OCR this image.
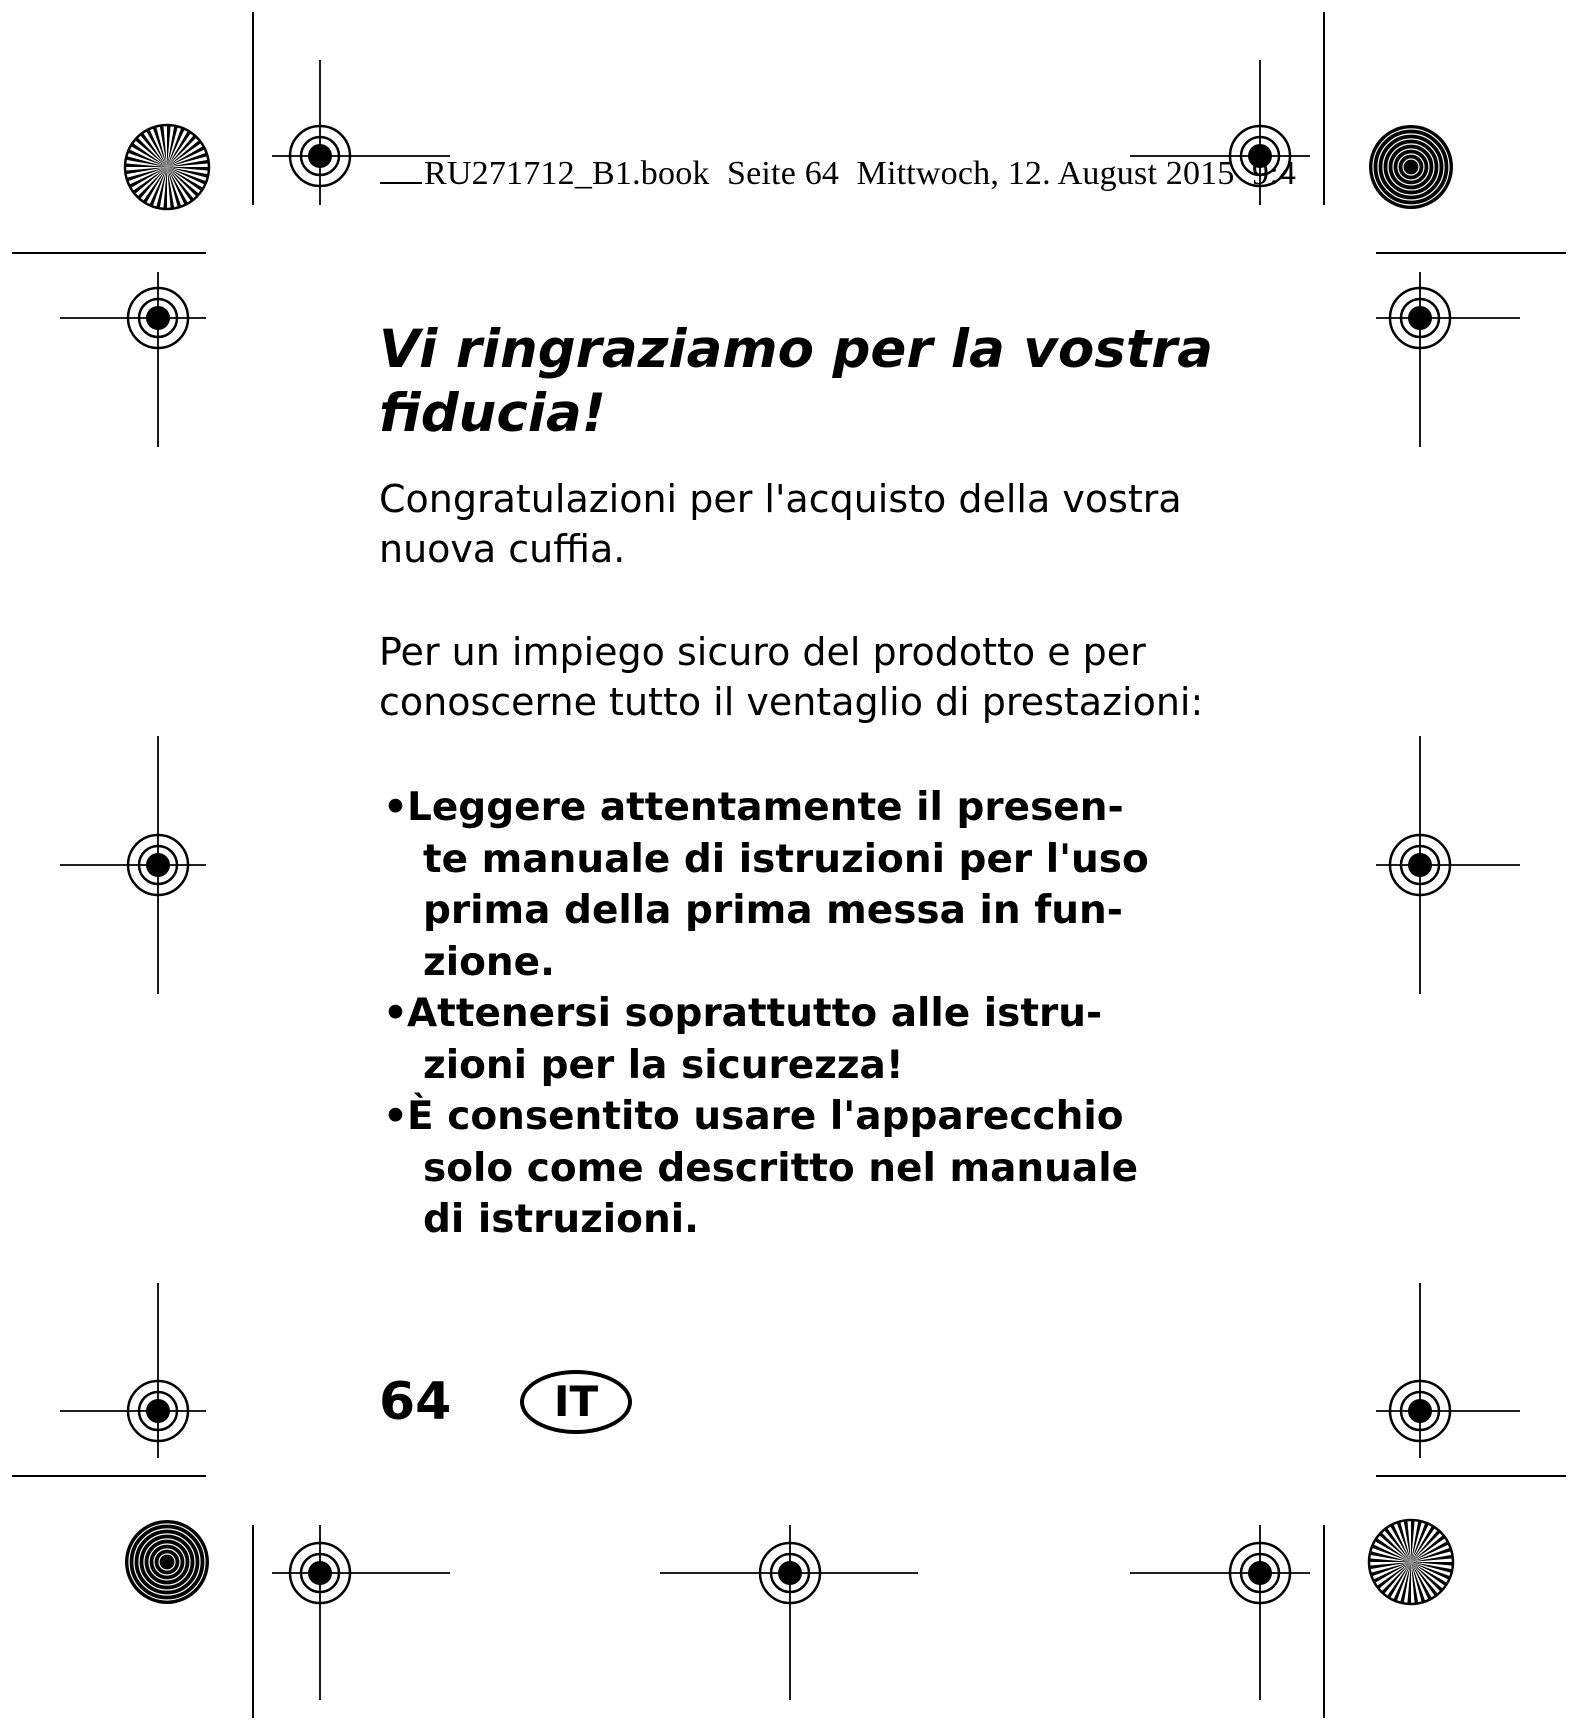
RU271712_B1.book Seite 64 Mittwoch, 12. August 2015 9:4
Vi ringraziamo per la vostra
fiducia!

Congratulazioni per l'acquisto della vostra
nuova cuffia.

Per un impiego sicuro del prodotto e per
conoscerne tutto il ventaglio di prestazioni:

• Leggere attentamente il presen-
te manuale di istruzioni per l'uso
prima della prima messa in fun-
zione.
• Attenersi soprattutto alle istru-
zioni per la sicurezza!
• È consentito usare l'apparecchio
solo come descritto nel manuale
di istruzioni.
64 IT
